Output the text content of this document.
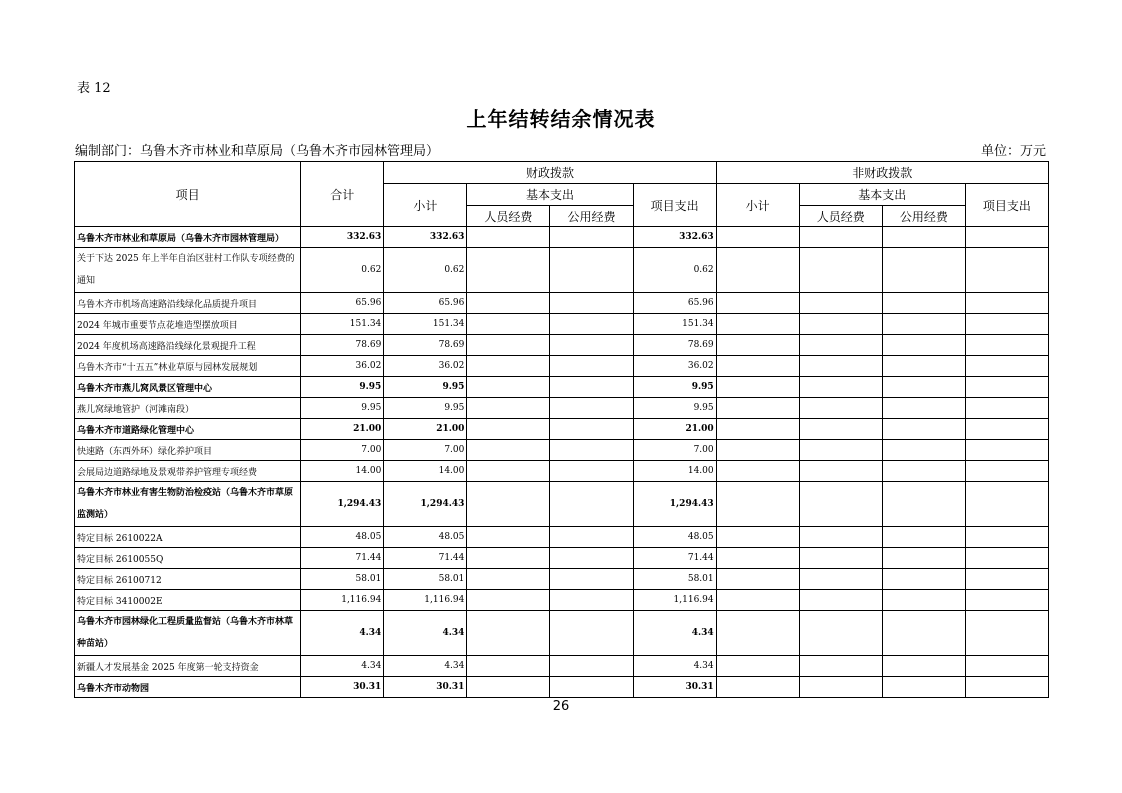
表 12
上年结转结余情况表
编制部门：乌鲁木齐市林业和草原局（乌鲁木齐市园林管理局）	单位：万元
项目	合计	财政拨款				非财政拨款			
		小计	基本支出		项目支出	小计	基本支出		项目支出
			人员经费	公用经费			人员经费	公用经费	
乌鲁木齐市林业和草原局（乌鲁木齐市园林管理局）	332.63	332.63			332.63				
关于下达 2025 年上半年自治区驻村工作队专项经费的通知	0.62	0.62			0.62				
乌鲁木齐市机场高速路沿线绿化品质提升项目	65.96	65.96			65.96				
2024 年城市重要节点花堆造型摆放项目	151.34	151.34			151.34				
2024 年度机场高速路沿线绿化景观提升工程	78.69	78.69			78.69				
乌鲁木齐市“十五五”林业草原与园林发展规划	36.02	36.02			36.02				
乌鲁木齐市燕儿窝风景区管理中心	9.95	9.95			9.95				
燕儿窝绿地管护（河滩南段）	9.95	9.95			9.95				
乌鲁木齐市道路绿化管理中心	21.00	21.00			21.00				
快速路（东西外环）绿化养护项目	7.00	7.00			7.00				
会展局边道路绿地及景观带养护管理专项经费	14.00	14.00			14.00				
乌鲁木齐市林业有害生物防治检疫站（乌鲁木齐市草原监测站）	1,294.43	1,294.43			1,294.43				
特定目标 2610022A	48.05	48.05			48.05				
特定目标 2610055Q	71.44	71.44			71.44				
特定目标 26100712	58.01	58.01			58.01				
特定目标 3410002E	1,116.94	1,116.94			1,116.94				
乌鲁木齐市园林绿化工程质量监督站（乌鲁木齐市林草种苗站）	4.34	4.34			4.34				
新疆人才发展基金 2025 年度第一轮支持资金	4.34	4.34			4.34				
乌鲁木齐市动物园	30.31	30.31			30.31				
26
